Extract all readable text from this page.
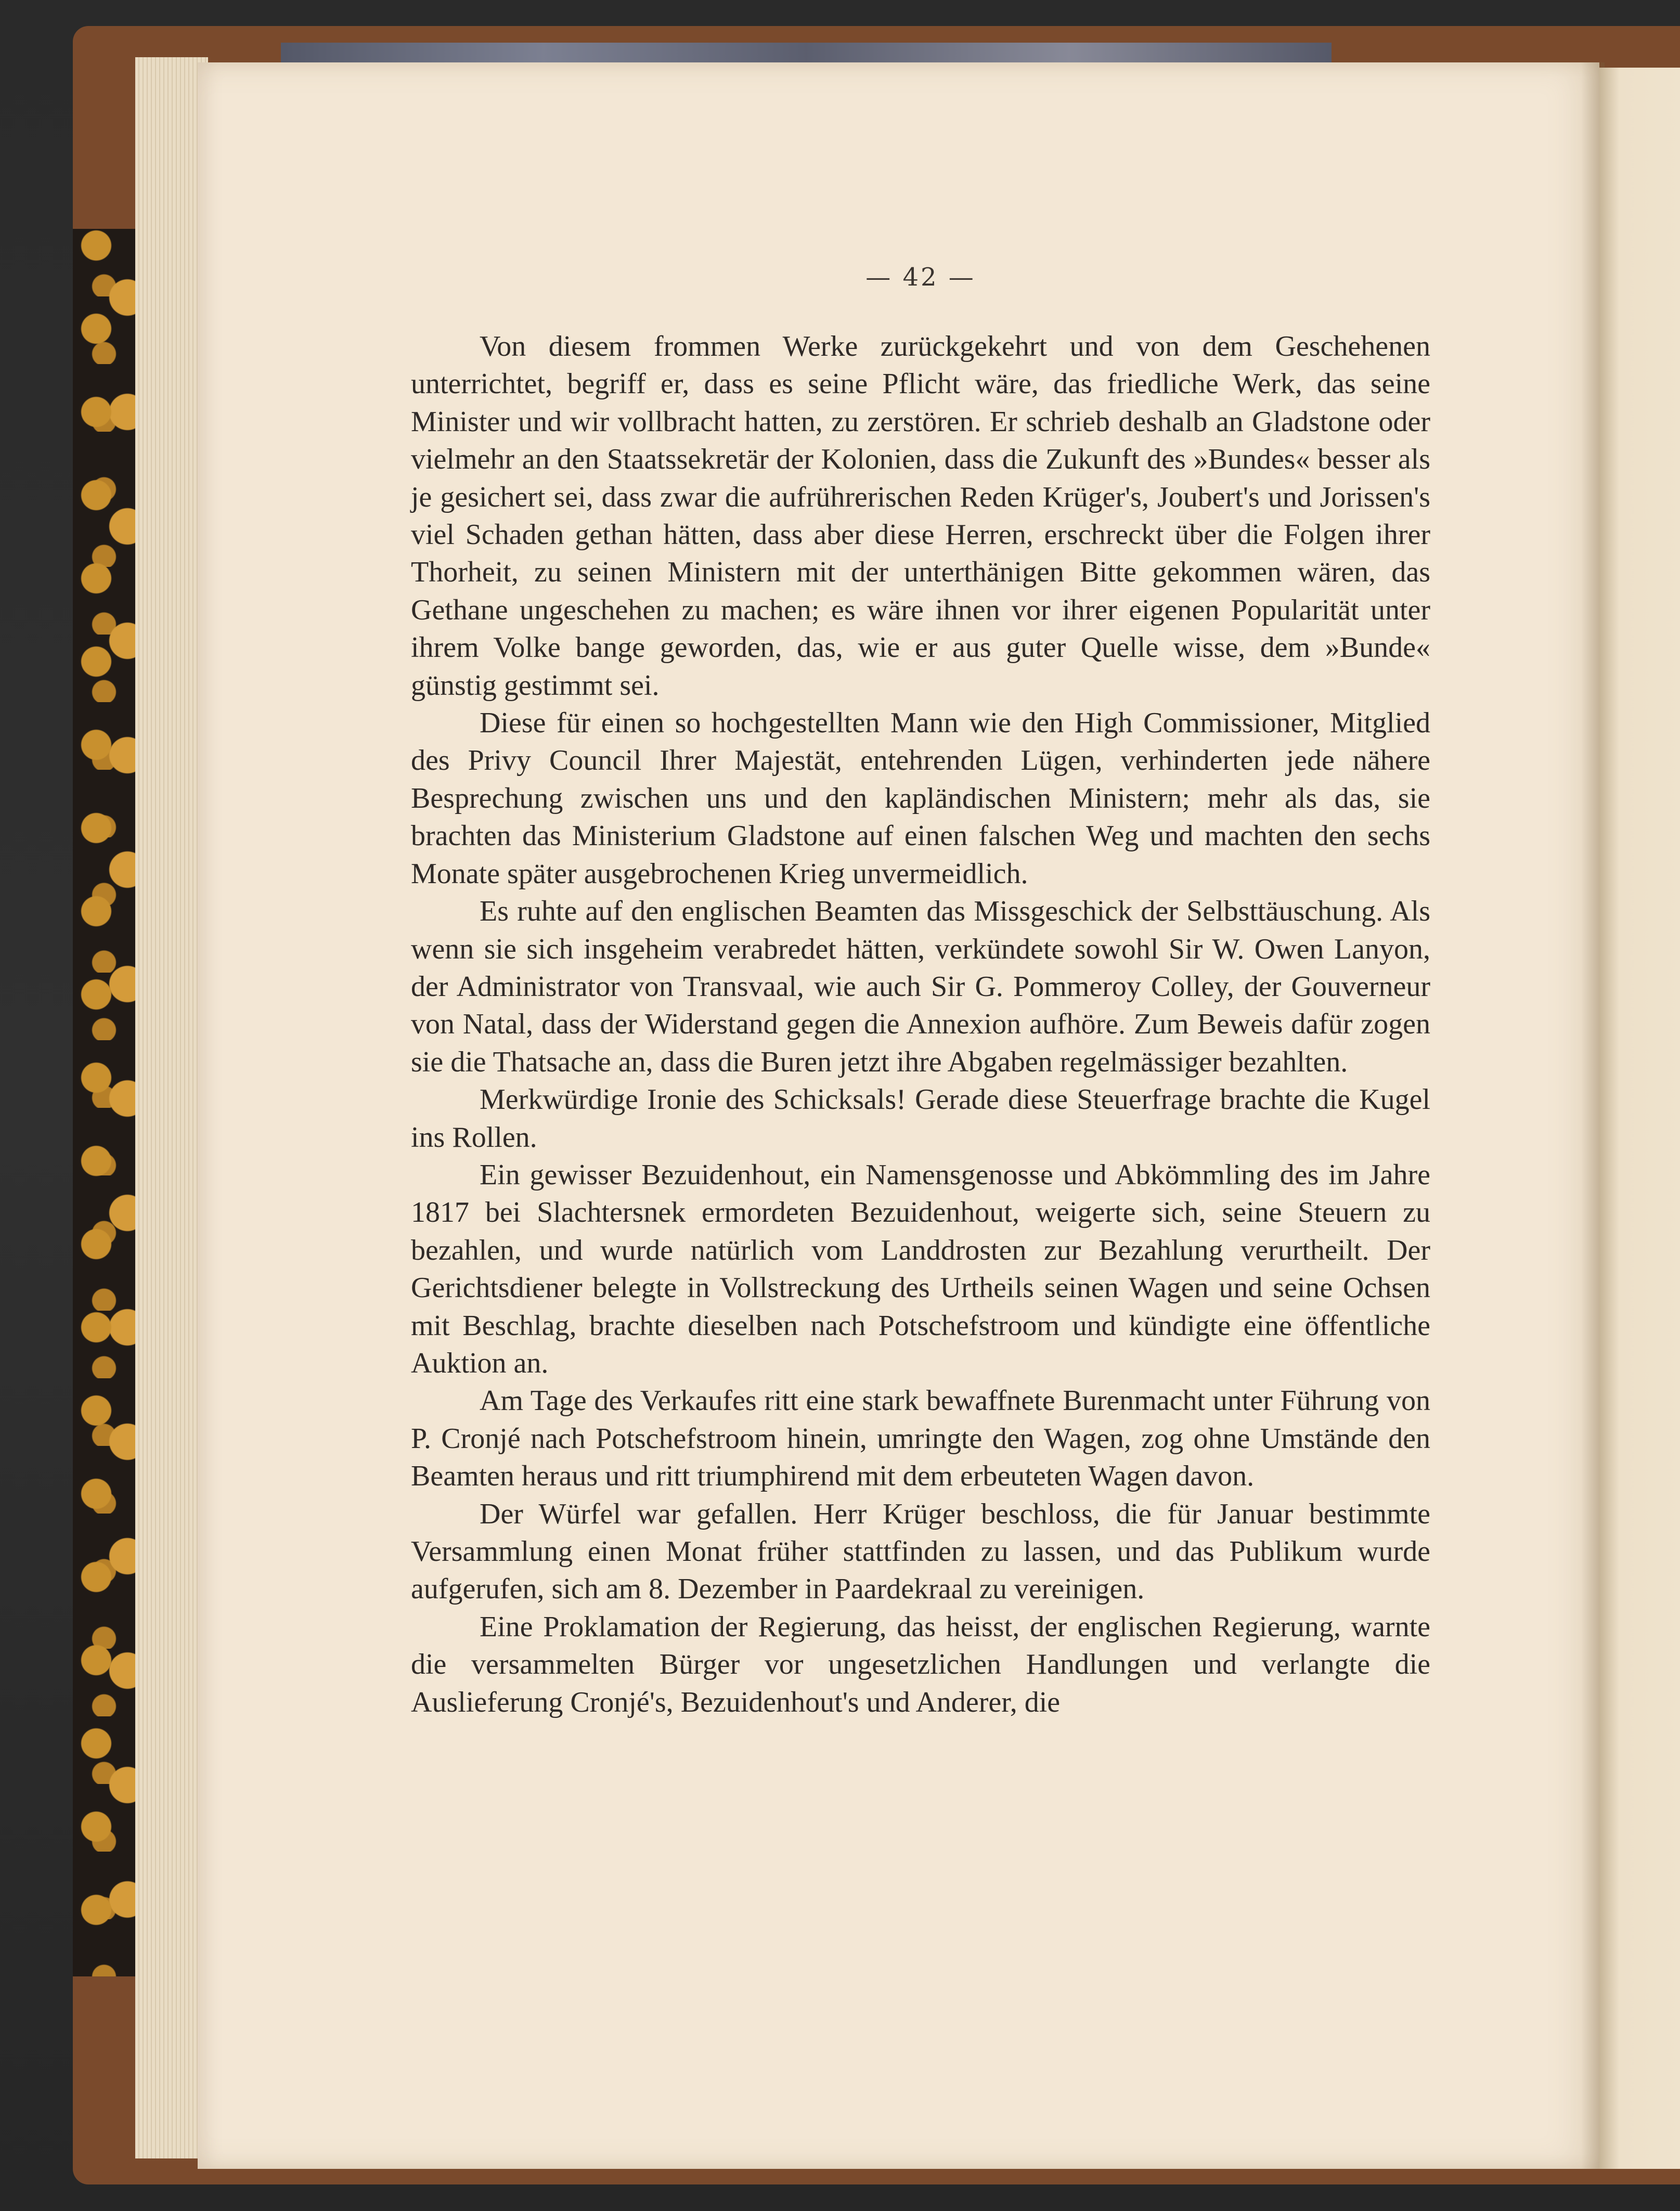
— 42 —

Von diesem frommen Werke zurückgekehrt und von dem Geschehenen unterrichtet, begriff er, dass es seine Pflicht wäre, das friedliche Werk, das seine Minister und wir vollbracht hatten, zu zerstören. Er schrieb deshalb an Gladstone oder vielmehr an den Staatssekretär der Kolonien, dass die Zukunft des »Bundes« besser als je gesichert sei, dass zwar die aufrührerischen Reden Krüger's, Joubert's und Jorissen's viel Schaden gethan hätten, dass aber diese Herren, erschreckt über die Folgen ihrer Thorheit, zu seinen Ministern mit der unterthänigen Bitte gekommen wären, das Gethane ungeschehen zu machen; es wäre ihnen vor ihrer eigenen Popularität unter ihrem Volke bange geworden, das, wie er aus guter Quelle wisse, dem »Bunde« günstig gestimmt sei.

Diese für einen so hochgestellten Mann wie den High Commissioner, Mitglied des Privy Council Ihrer Majestät, entehrenden Lügen, verhinderten jede nähere Besprechung zwischen uns und den kapländischen Ministern; mehr als das, sie brachten das Ministerium Gladstone auf einen falschen Weg und machten den sechs Monate später ausgebrochenen Krieg unvermeidlich.

Es ruhte auf den englischen Beamten das Missgeschick der Selbsttäuschung. Als wenn sie sich insgeheim verabredet hätten, verkündete sowohl Sir W. Owen Lanyon, der Administrator von Transvaal, wie auch Sir G. Pommeroy Colley, der Gouverneur von Natal, dass der Widerstand gegen die Annexion aufhöre. Zum Beweis dafür zogen sie die Thatsache an, dass die Buren jetzt ihre Abgaben regelmässiger bezahlten.

Merkwürdige Ironie des Schicksals! Gerade diese Steuerfrage brachte die Kugel ins Rollen.

Ein gewisser Bezuidenhout, ein Namensgenosse und Abkömmling des im Jahre 1817 bei Slachtersnek ermordeten Bezuidenhout, weigerte sich, seine Steuern zu bezahlen, und wurde natürlich vom Landdrosten zur Bezahlung verurtheilt. Der Gerichtsdiener belegte in Vollstreckung des Urtheils seinen Wagen und seine Ochsen mit Beschlag, brachte dieselben nach Potschefstroom und kündigte eine öffentliche Auktion an.

Am Tage des Verkaufes ritt eine stark bewaffnete Burenmacht unter Führung von P. Cronjé nach Potschefstroom hinein, umringte den Wagen, zog ohne Umstände den Beamten heraus und ritt triumphirend mit dem erbeuteten Wagen davon.

Der Würfel war gefallen. Herr Krüger beschloss, die für Januar bestimmte Versammlung einen Monat früher stattfinden zu lassen, und das Publikum wurde aufgerufen, sich am 8. Dezember in Paardekraal zu vereinigen.

Eine Proklamation der Regierung, das heisst, der englischen Regierung, warnte die versammelten Bürger vor ungesetzlichen Handlungen und verlangte die Auslieferung Cronjé's, Bezuidenhout's und Anderer, die
